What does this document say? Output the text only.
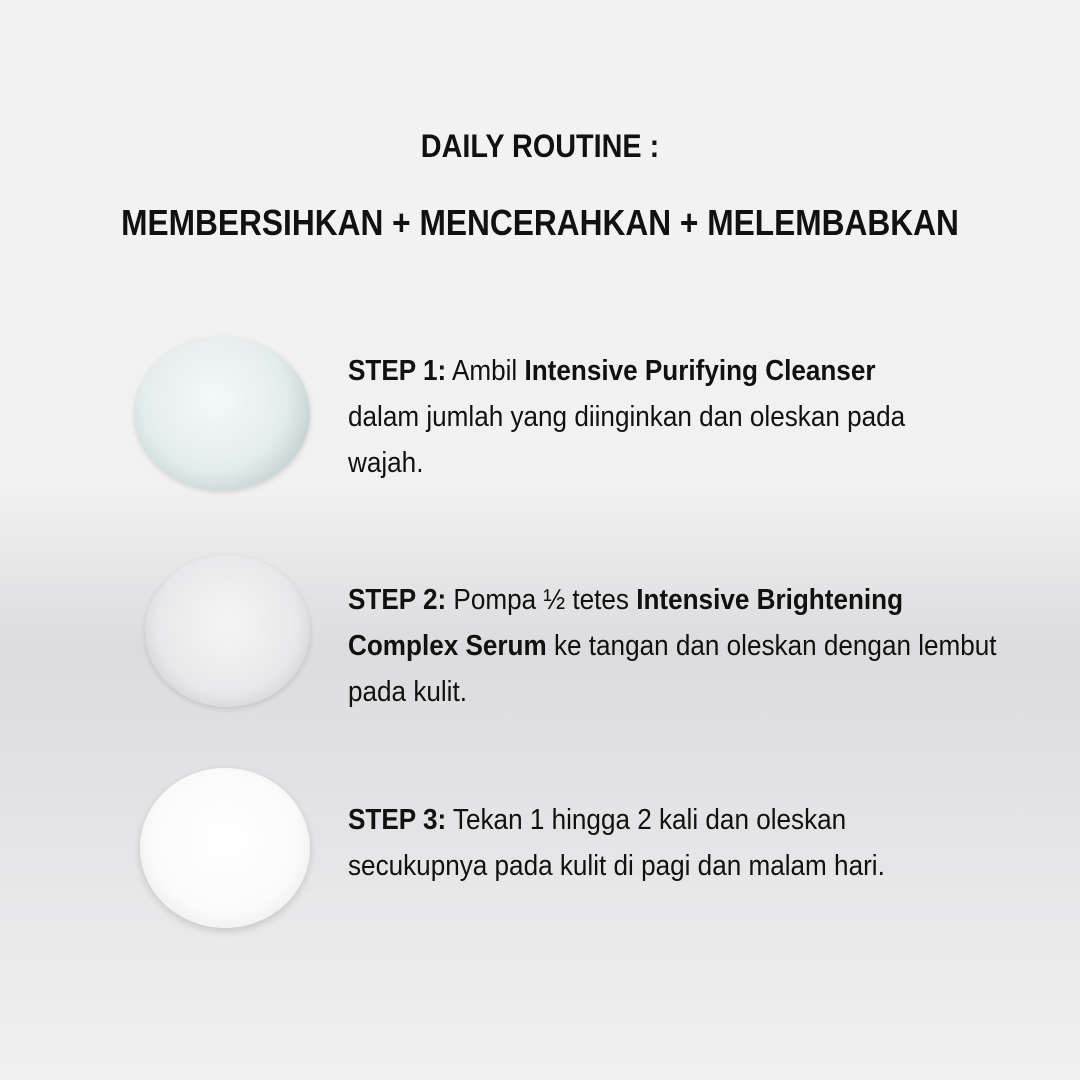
DAILY ROUTINE :
MEMBERSIHKAN + MENCERAHKAN + MELEMBABKAN
STEP 1: Ambil Intensive Purifying Cleanserdalam jumlah yang diinginkan dan oleskan pada wajah.
STEP 2: Pompa ½ tetes Intensive Brightening Complex Serum ke tangan dan oleskan dengan lembut pada kulit.
STEP 3: Tekan 1 hingga 2 kali dan oleskan secukupnya pada kulit di pagi dan malam hari.
